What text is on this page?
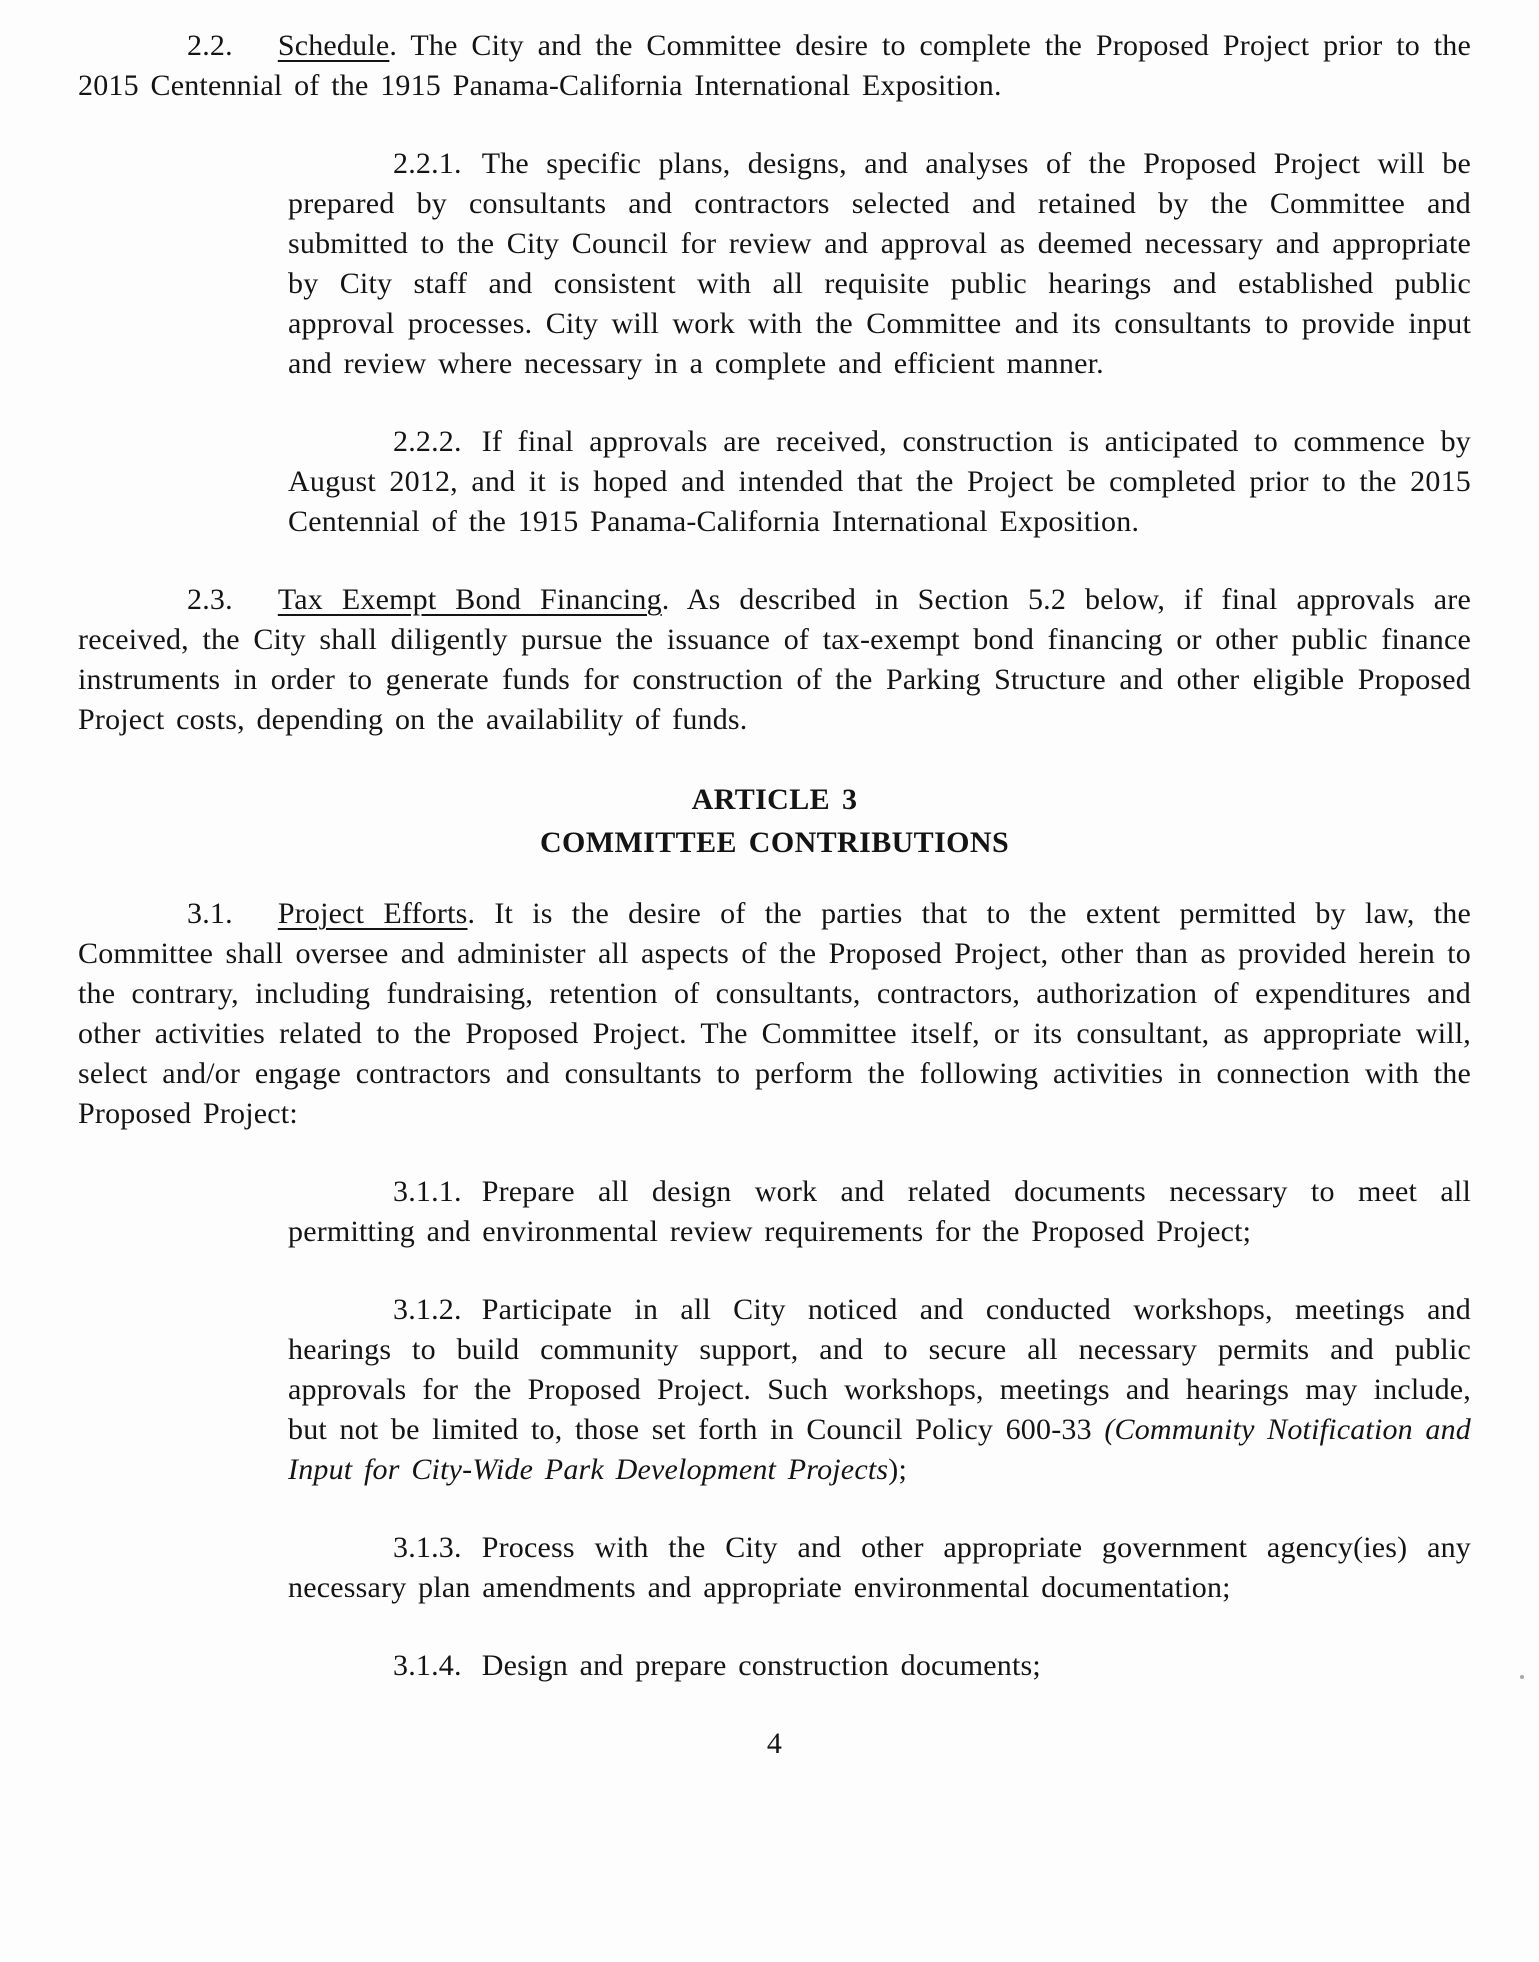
2.2. Schedule. The City and the Committee desire to complete the Proposed Project prior to the 2015 Centennial of the 1915 Panama-California International Exposition.

2.2.1. The specific plans, designs, and analyses of the Proposed Project will be prepared by consultants and contractors selected and retained by the Committee and submitted to the City Council for review and approval as deemed necessary and appropriate by City staff and consistent with all requisite public hearings and established public approval processes. City will work with the Committee and its consultants to provide input and review where necessary in a complete and efficient manner.

2.2.2. If final approvals are received, construction is anticipated to commence by August 2012, and it is hoped and intended that the Project be completed prior to the 2015 Centennial of the 1915 Panama-California International Exposition.

2.3. Tax Exempt Bond Financing. As described in Section 5.2 below, if final approvals are received, the City shall diligently pursue the issuance of tax-exempt bond financing or other public finance instruments in order to generate funds for construction of the Parking Structure and other eligible Proposed Project costs, depending on the availability of funds.

ARTICLE 3
COMMITTEE CONTRIBUTIONS

3.1. Project Efforts. It is the desire of the parties that to the extent permitted by law, the Committee shall oversee and administer all aspects of the Proposed Project, other than as provided herein to the contrary, including fundraising, retention of consultants, contractors, authorization of expenditures and other activities related to the Proposed Project. The Committee itself, or its consultant, as appropriate will, select and/or engage contractors and consultants to perform the following activities in connection with the Proposed Project:

3.1.1. Prepare all design work and related documents necessary to meet all permitting and environmental review requirements for the Proposed Project;

3.1.2. Participate in all City noticed and conducted workshops, meetings and hearings to build community support, and to secure all necessary permits and public approvals for the Proposed Project. Such workshops, meetings and hearings may include, but not be limited to, those set forth in Council Policy 600-33 (Community Notification and Input for City-Wide Park Development Projects);

3.1.3. Process with the City and other appropriate government agency(ies) any necessary plan amendments and appropriate environmental documentation;

3.1.4. Design and prepare construction documents;

4
